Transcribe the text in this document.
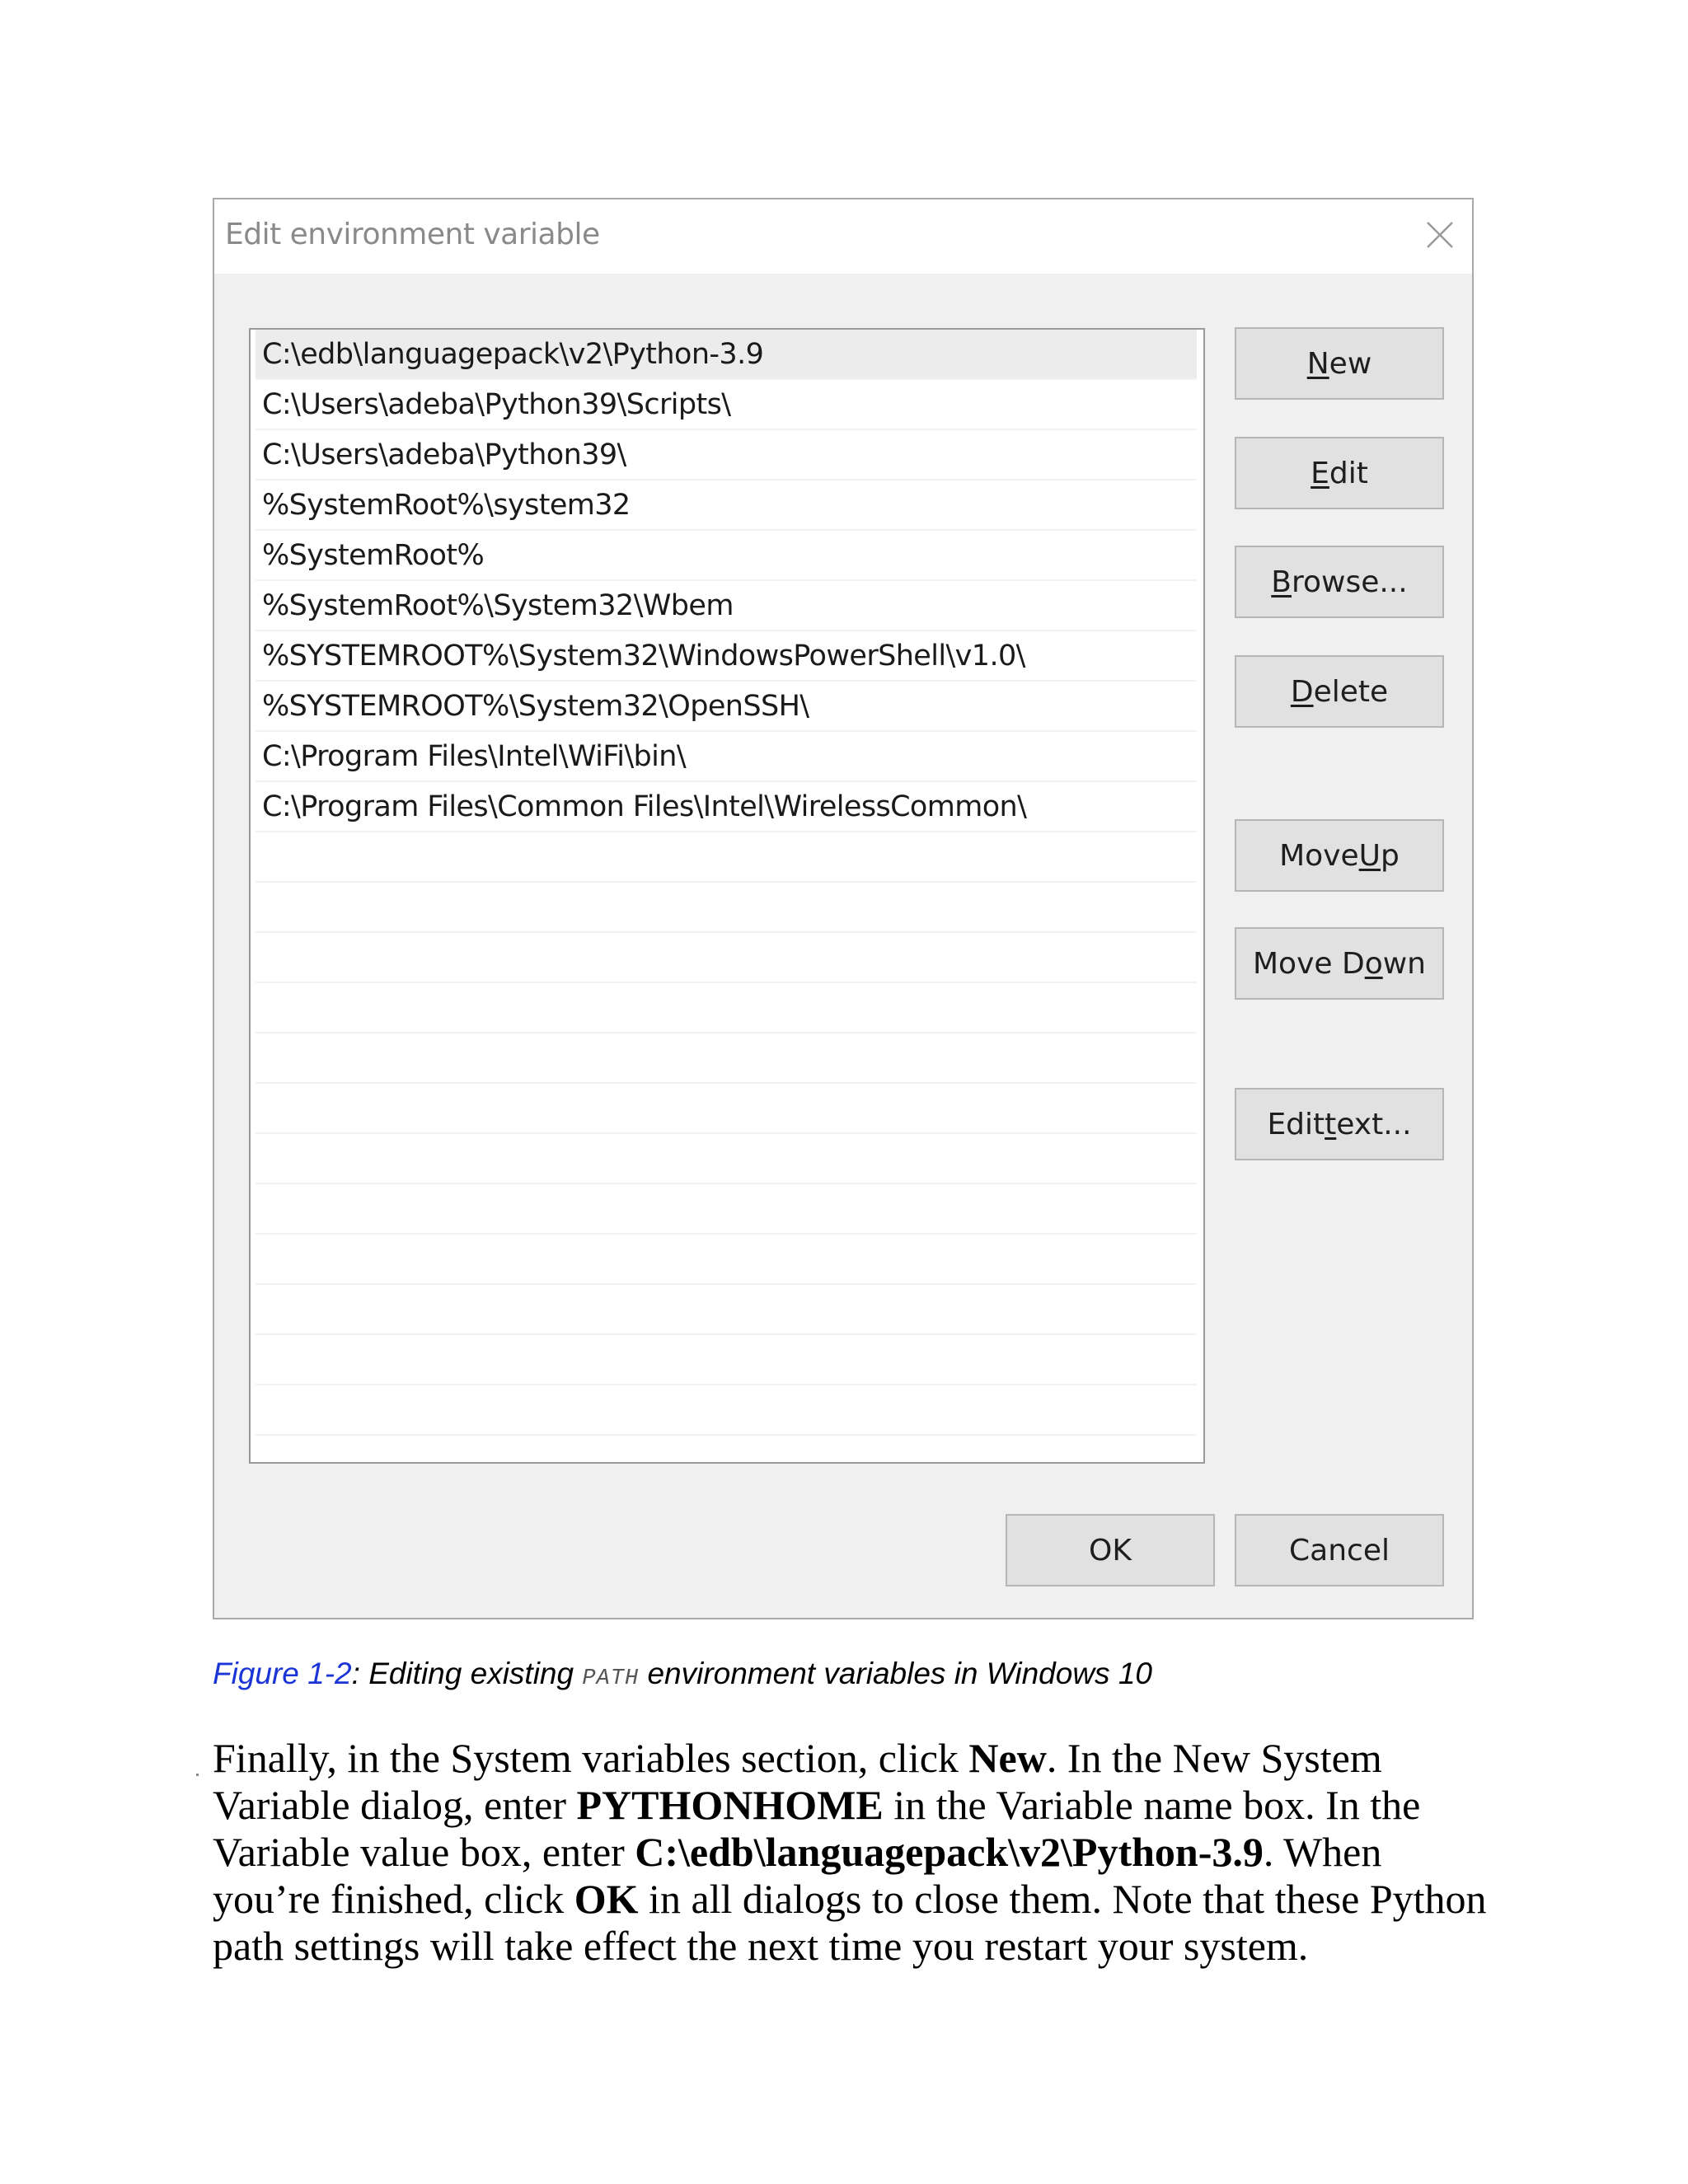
Edit environment variable
C:\edb\languagepack\v2\Python-3.9
C:\Users\adeba\Python39\Scripts\
C:\Users\adeba\Python39\
%SystemRoot%\system32
%SystemRoot%
%SystemRoot%\System32\Wbem
%SYSTEMROOT%\System32\WindowsPowerShell\v1.0\
%SYSTEMROOT%\System32\OpenSSH\
C:\Program Files\Intel\WiFi\bin\
C:\Program Files\Common Files\Intel\WirelessCommon\
N ew
E dit
B rowse...
D elete
Move U p
Move D o wn
Edit t ext...
OK	Cancel
Figure 1-2: Editing existing PATH environment variables in Windows 10
Finally, in the System variables section, click New. In the New System Variable dialog, enter PYTHONHOME in the Variable name box. In the Variable value box, enter C:\edb\languagepack\v2\Python-3.9. When you’re finished, click OK in all dialogs to close them. Note that these Python path settings will take effect the next time you restart your system.
